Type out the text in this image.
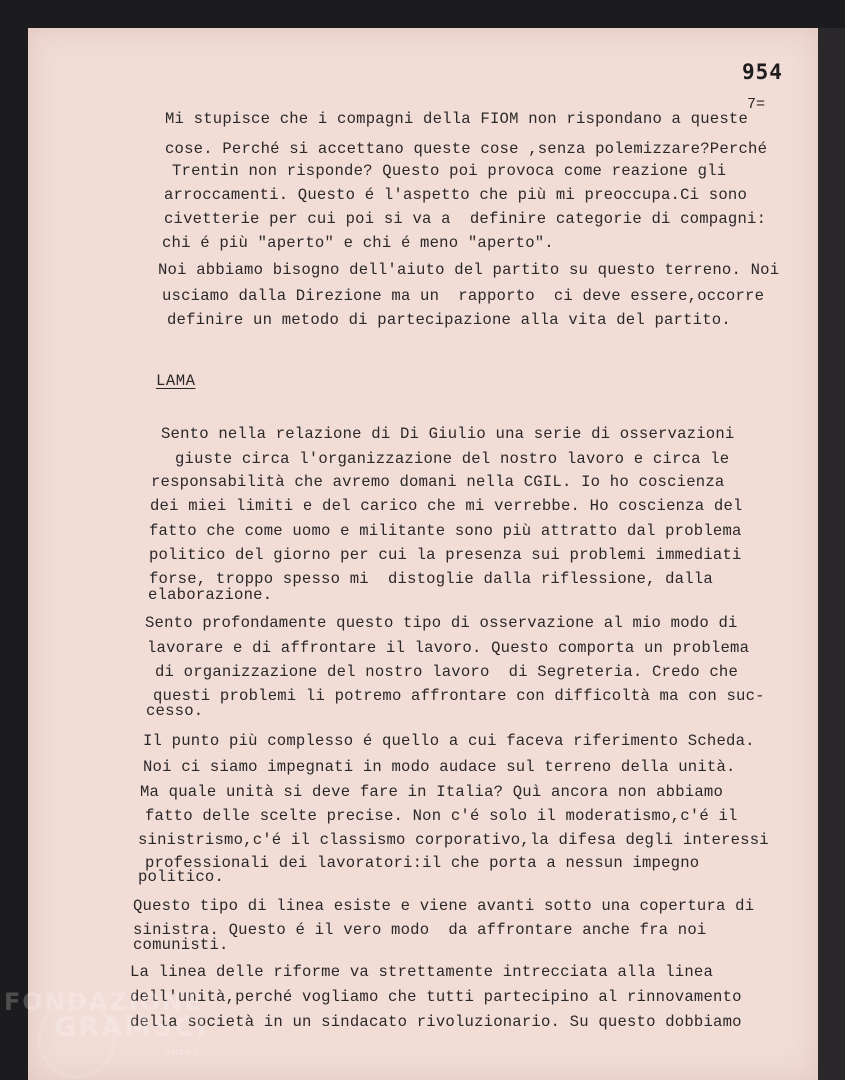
954
7=
Mi stupisce che i compagni della FIOM non rispondano a queste
cose. Perché si accettano queste cose ,senza polemizzare?Perché
Trentin non risponde? Questo poi provoca come reazione gli
arroccamenti. Questo é l'aspetto che più mi preoccupa.Ci sono
civetterie per cui poi si va a  definire categorie di compagni:
chi é più "aperto" e chi é meno "aperto".
Noi abbiamo bisogno dell'aiuto del partito su questo terreno. Noi
usciamo dalla Direzione ma un  rapporto  ci deve essere,occorre
definire un metodo di partecipazione alla vita del partito.
LAMA
Sento nella relazione di Di Giulio una serie di osservazioni
giuste circa l'organizzazione del nostro lavoro e circa le
responsabilità che avremo domani nella CGIL. Io ho coscienza
dei miei limiti e del carico che mi verrebbe. Ho coscienza del
fatto che come uomo e militante sono più attratto dal problema
politico del giorno per cui la presenza sui problemi immediati
forse, troppo spesso mi  distoglie dalla riflessione, dalla
elaborazione.
Sento profondamente questo tipo di osservazione al mio modo di
lavorare e di affrontare il lavoro. Questo comporta un problema
di organizzazione del nostro lavoro  di Segreteria. Credo che
questi problemi li potremo affrontare con difficoltà ma con suc-
cesso.
Il punto più complesso é quello a cui faceva riferimento Scheda.
Noi ci siamo impegnati in modo audace sul terreno della unità.
Ma quale unità si deve fare in Italia? Quì ancora non abbiamo
fatto delle scelte precise. Non c'é solo il moderatismo,c'é il
sinistrismo,c'é il classismo corporativo,la difesa degli interessi
professionali dei lavoratori:il che porta a nessun impegno
politico.
Questo tipo di linea esiste e viene avanti sotto una copertura di
sinistra. Questo é il vero modo  da affrontare anche fra noi
comunisti.
La linea delle riforme va strettamente intrecciata alla linea
dell'unità,perché vogliamo che tutti partecipino al rinnovamento
della società in un sindacato rivoluzionario. Su questo dobbiamo
FONDAZIONE
GRAMSCI
ONLUS
